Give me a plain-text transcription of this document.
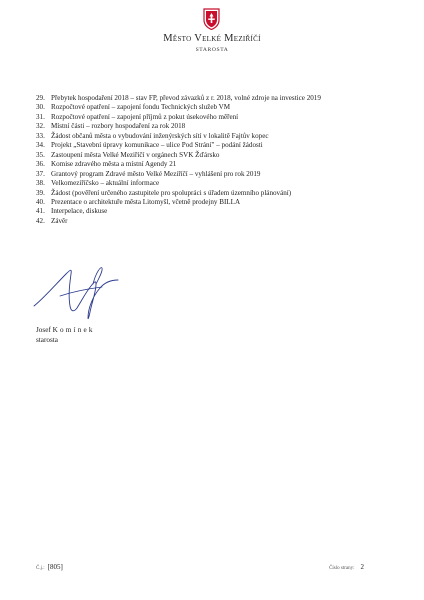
Město Velké Meziříčí
STAROSTA
29. Přebytek hospodaření 2018 – stav FP, převod závazků z r. 2018, volné zdroje na investice 2019
30. Rozpočtové opatření – zapojení fondu Technických služeb VM
31. Rozpočtové opatření – zapojení příjmů z pokut úsekového měření
32. Místní části – rozbory hospodaření za rok 2018
33. Žádost občanů města o vybudování inženýrských sítí v lokalitě Fajtův kopec
34. Projekt „Stavební úpravy komunikace – ulice Pod Strání" – podání žádosti
35. Zastoupení města Velké Meziříčí v orgánech SVK Žďársko
36. Komise zdravého města a místní Agendy 21
37. Grantový program Zdravé město Velké Meziříčí – vyhlášení pro rok 2019
38. Velkomeziříčsko – aktuální informace
39. Žádost (pověření určeného zastupitele pro spolupráci s úřadem územního plánování)
40. Prezentace o architektuře města Litomyšl, včetně prodejny BILLA
41. Interpelace, diskuse
42. Závěr
Josef Komínek
starosta
Č.j.: [805]	Číslo strany: 2
